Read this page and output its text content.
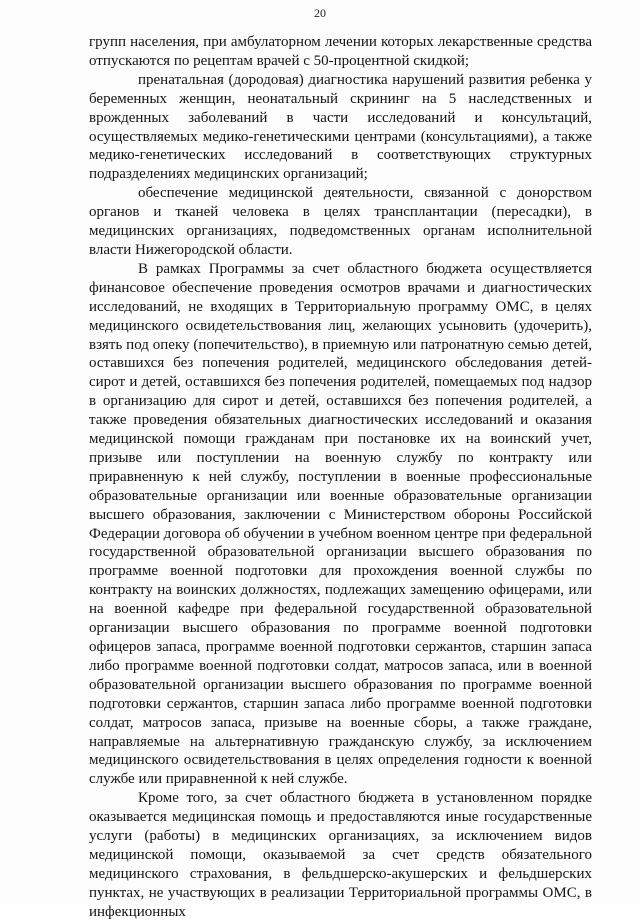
20

групп населения, при амбулаторном лечении которых лекарственные средства отпускаются по рецептам врачей с 50-процентной скидкой;

пренатальная (дородовая) диагностика нарушений развития ребенка у беременных женщин, неонатальный скрининг на 5 наследственных и врожденных заболеваний в части исследований и консультаций, осуществляемых медико-генетическими центрами (консультациями), а также медико-генетических исследований в соответствующих структурных подразделениях медицинских организаций;

обеспечение медицинской деятельности, связанной с донорством органов и тканей человека в целях трансплантации (пересадки), в медицинских организациях, подведомственных органам исполнительной власти Нижегородской области.

В рамках Программы за счет областного бюджета осуществляется финансовое обеспечение проведения осмотров врачами и диагностических исследований, не входящих в Территориальную программу ОМС, в целях медицинского освидетельствования лиц, желающих усыновить (удочерить), взять под опеку (попечительство), в приемную или патронатную семью детей, оставшихся без попечения родителей, медицинского обследования детей-сирот и детей, оставшихся без попечения родителей, помещаемых под надзор в организацию для сирот и детей, оставшихся без попечения родителей, а также проведения обязательных диагностических исследований и оказания медицинской помощи гражданам при постановке их на воинский учет, призыве или поступлении на военную службу по контракту или приравненную к ней службу, поступлении в военные профессиональные образовательные организации или военные образовательные организации высшего образования, заключении с Министерством обороны Российской Федерации договора об обучении в учебном военном центре при федеральной государственной образовательной организации высшего образования по программе военной подготовки для прохождения военной службы по контракту на воинских должностях, подлежащих замещению офицерами, или на военной кафедре при федеральной государственной образовательной организации высшего образования по программе военной подготовки офицеров запаса, программе военной подготовки сержантов, старшин запаса либо программе военной подготовки солдат, матросов запаса, или в военной образовательной организации высшего образования по программе военной подготовки сержантов, старшин запаса либо программе военной подготовки солдат, матросов запаса, призыве на военные сборы, а также граждане, направляемые на альтернативную гражданскую службу, за исключением медицинского освидетельствования в целях определения годности к военной службе или приравненной к ней службе.

Кроме того, за счет областного бюджета в установленном порядке оказывается медицинская помощь и предоставляются иные государственные услуги (работы) в медицинских организациях, за исключением видов медицинской помощи, оказываемой за счет средств обязательного медицинского страхования, в фельдшерско-акушерских и фельдшерских пунктах, не участвующих в реализации Территориальной программы ОМС, в инфекционных
